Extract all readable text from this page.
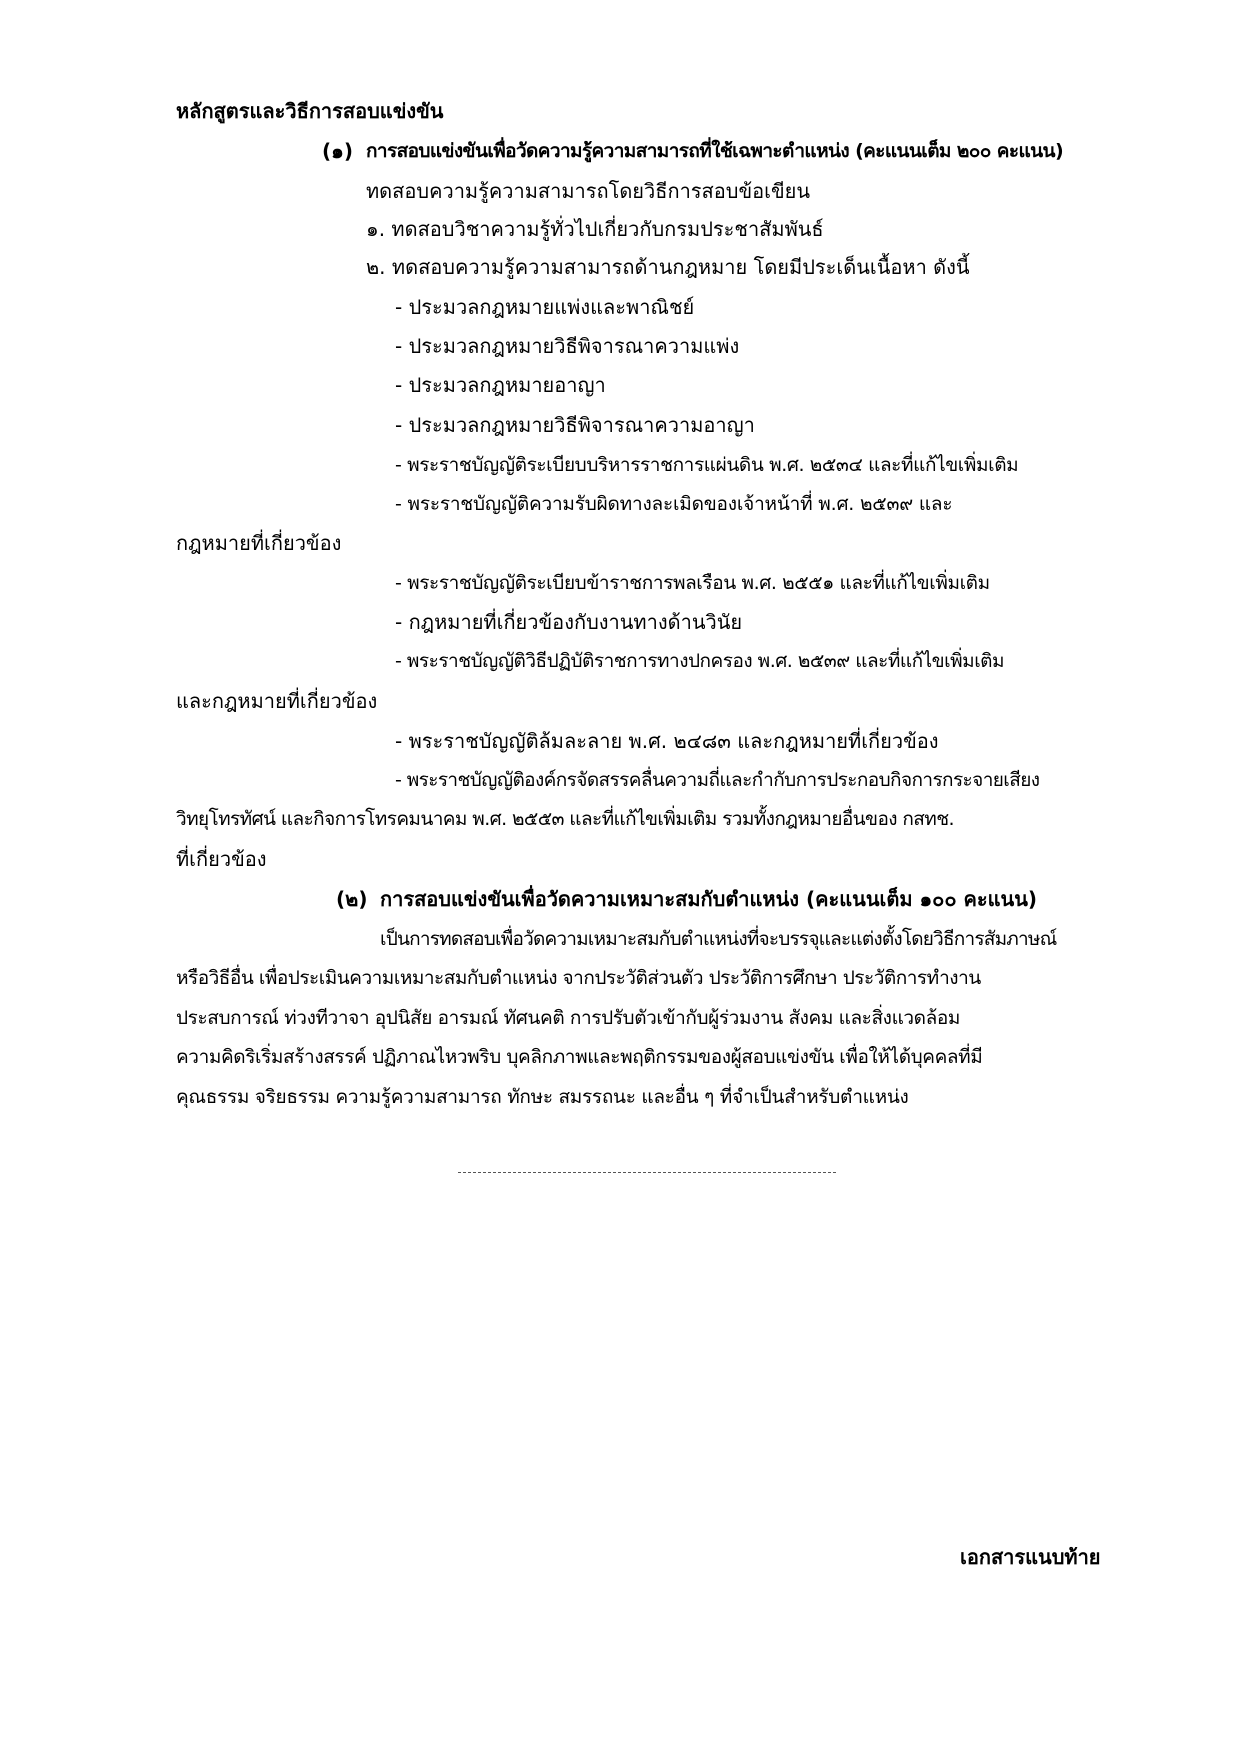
หลักสูตรและวิธีการสอบแข่งขัน
(๑) การสอบแข่งขันเพื่อวัดความรู้ความสามารถที่ใช้เฉพาะตำแหน่ง (คะแนนเต็ม ๒๐๐ คะแนน)
ทดสอบความรู้ความสามารถโดยวิธีการสอบข้อเขียน
๑. ทดสอบวิชาความรู้ทั่วไปเกี่ยวกับกรมประชาสัมพันธ์
๒. ทดสอบความรู้ความสามารถด้านกฎหมาย โดยมีประเด็นเนื้อหา ดังนี้
- ประมวลกฎหมายแพ่งและพาณิชย์
- ประมวลกฎหมายวิธีพิจารณาความแพ่ง
- ประมวลกฎหมายอาญา
- ประมวลกฎหมายวิธีพิจารณาความอาญา
- พระราชบัญญัติระเบียบบริหารราชการแผ่นดิน พ.ศ. ๒๕๓๔ และที่แก้ไขเพิ่มเติม
- พระราชบัญญัติความรับผิดทางละเมิดของเจ้าหน้าที่ พ.ศ. ๒๕๓๙ และ
กฎหมายที่เกี่ยวข้อง
- พระราชบัญญัติระเบียบข้าราชการพลเรือน พ.ศ. ๒๕๕๑ และที่แก้ไขเพิ่มเติม
- กฎหมายที่เกี่ยวข้องกับงานทางด้านวินัย
- พระราชบัญญัติวิธีปฏิบัติราชการทางปกครอง พ.ศ. ๒๕๓๙ และที่แก้ไขเพิ่มเติม
และกฎหมายที่เกี่ยวข้อง
- พระราชบัญญัติล้มละลาย พ.ศ. ๒๔๘๓ และกฎหมายที่เกี่ยวข้อง
- พระราชบัญญัติองค์กรจัดสรรคลื่นความถี่และกำกับการประกอบกิจการกระจายเสียง
วิทยุโทรทัศน์ และกิจการโทรคมนาคม พ.ศ. ๒๕๕๓ และที่แก้ไขเพิ่มเติม รวมทั้งกฎหมายอื่นของ กสทช.
ที่เกี่ยวข้อง
(๒) การสอบแข่งขันเพื่อวัดความเหมาะสมกับตำแหน่ง (คะแนนเต็ม ๑๐๐ คะแนน)
เป็นการทดสอบเพื่อวัดความเหมาะสมกับตำแหน่งที่จะบรรจุและแต่งตั้งโดยวิธีการสัมภาษณ์
หรือวิธีอื่น เพื่อประเมินความเหมาะสมกับตำแหน่ง จากประวัติส่วนตัว ประวัติการศึกษา ประวัติการทำงาน
ประสบการณ์ ท่วงทีวาจา อุปนิสัย อารมณ์ ทัศนคติ การปรับตัวเข้ากับผู้ร่วมงาน สังคม และสิ่งแวดล้อม
ความคิดริเริ่มสร้างสรรค์ ปฏิภาณไหวพริบ บุคลิกภาพและพฤติกรรมของผู้สอบแข่งขัน เพื่อให้ได้บุคคลที่มี
คุณธรรม จริยธรรม ความรู้ความสามารถ ทักษะ สมรรถนะ และอื่น ๆ ที่จำเป็นสำหรับตำแหน่ง
เอกสารแนบท้าย
